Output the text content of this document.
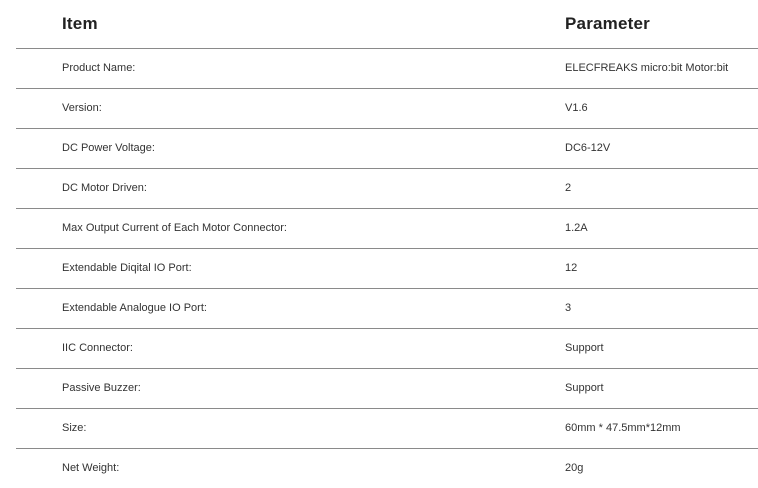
Item	Parameter
Product Name:	ELECFREAKS micro:bit Motor:bit
Version:	V1.6
DC Power Voltage:	DC6-12V
DC Motor Driven:	2
Max Output Current of Each Motor Connector:	1.2A
Extendable Diqital IO Port:	12
Extendable Analogue IO Port:	3
IIC Connector:	Support
Passive Buzzer:	Support
Size:	60mm * 47.5mm*12mm
Net Weight:	20g
